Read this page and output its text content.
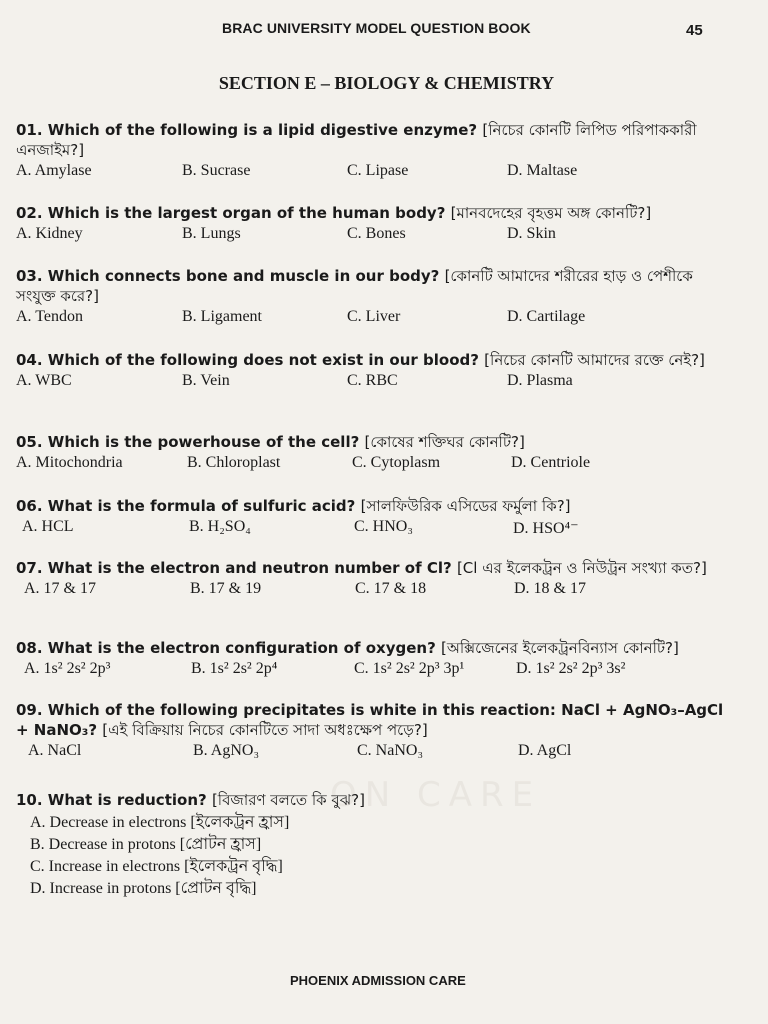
BRAC UNIVERSITY MODEL QUESTION BOOK	45
SECTION E – BIOLOGY & CHEMISTRY
01. Which of the following is a lipid digestive enzyme? [নিচের কোনটি লিপিড পরিপাককারী এনজাইম?]
A. Amylase	B. Sucrase	C. Lipase	D. Maltase
02. Which is the largest organ of the human body? [মানবদেহের বৃহত্তম অঙ্গ কোনটি?]
A. Kidney	B. Lungs	C. Bones	D. Skin
03. Which connects bone and muscle in our body? [কোনটি আমাদের শরীরের হাড় ও পেশীকে সংযুক্ত করে?]
A. Tendon	B. Ligament	C. Liver	D. Cartilage
04. Which of the following does not exist in our blood? [নিচের কোনটি আমাদের রক্তে নেই?]
A. WBC	B. Vein	C. RBC	D. Plasma
05. Which is the powerhouse of the cell? [কোষের শক্তিঘর কোনটি?]
A. Mitochondria	B. Chloroplast	C. Cytoplasm	D. Centriole
06. What is the formula of sulfuric acid? [সালফিউরিক এসিডের ফর্মুলা কি?]
A. HCL	B. H₂SO₄	C. HNO₃	D. HSO⁴⁻
07. What is the electron and neutron number of Cl? [Cl এর ইলেকট্রন ও নিউট্রন সংখ্যা কত?]
A. 17 & 17	B. 17 & 19	C. 17 & 18	D. 18 & 17
08. What is the electron configuration of oxygen? [অক্সিজেনের ইলেকট্রনবিন্যাস কোনটি?]
A. 1s² 2s² 2p³	B. 1s² 2s² 2p⁴	C. 1s² 2s² 2p³ 3p¹	D. 1s² 2s² 2p³ 3s²
09. Which of the following precipitates is white in this reaction: NaCl + AgNO₃–AgCl + NaNO₃? [এই বিক্রিয়ায় নিচের কোনটিতে সাদা অধঃক্ষেপ পড়ে?]
A. NaCl	B. AgNO₃	C. NaNO₃	D. AgCl
ON CARE
10. What is reduction? [বিজারণ বলতে কি বুঝ?]
A. Decrease in electrons [ইলেকট্রন হ্রাস]
B. Decrease in protons [প্রোটন হ্রাস]
C. Increase in electrons [ইলেকট্রন বৃদ্ধি]
D. Increase in protons [প্রোটন বৃদ্ধি]
PHOENIX ADMISSION CARE
